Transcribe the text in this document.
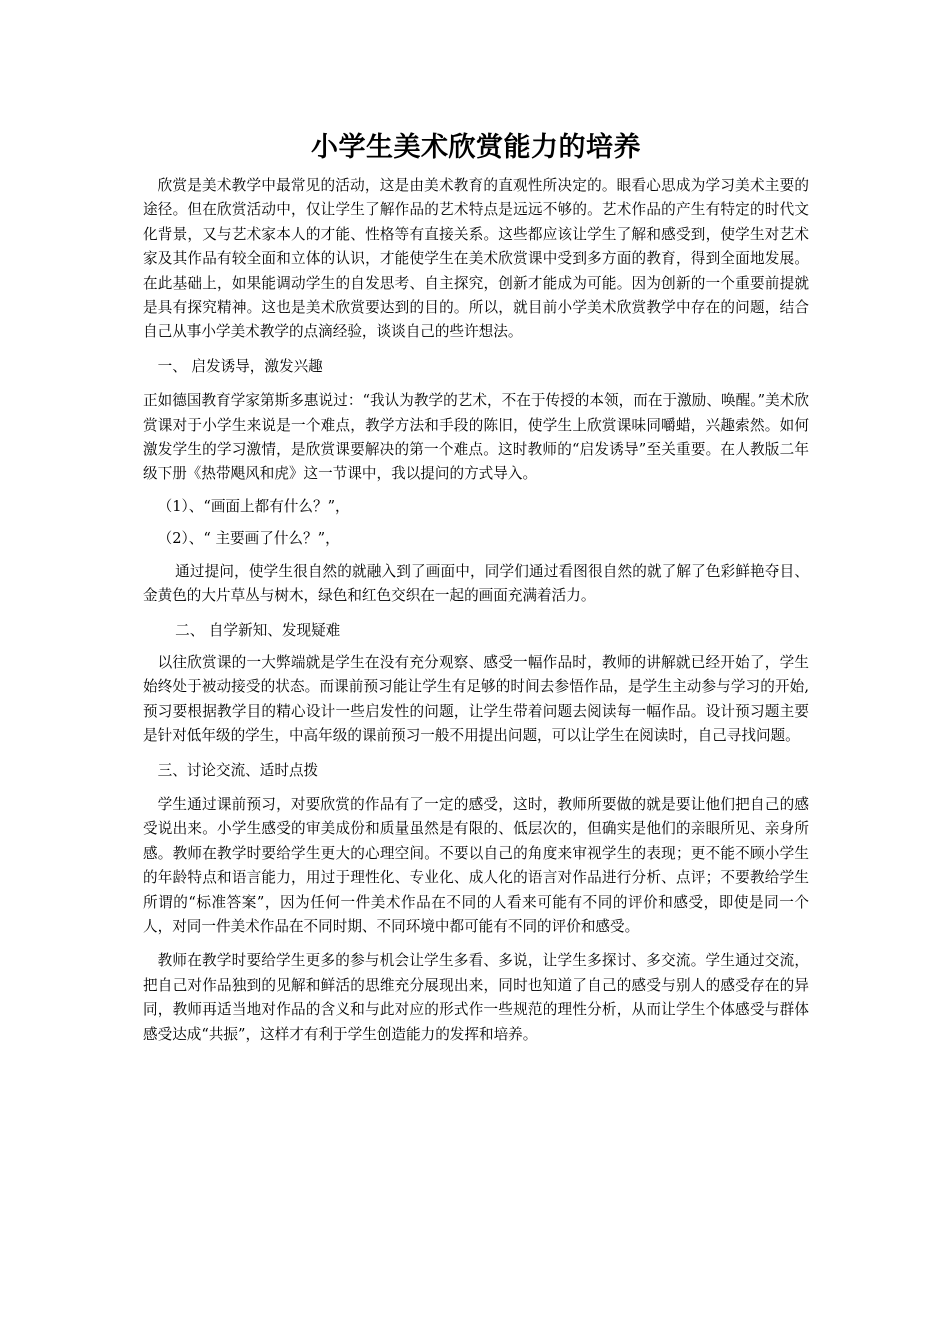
小学生美术欣赏能力的培养

欣赏是美术教学中最常见的活动，这是由美术教育的直观性所决定的。眼看心思成为学习美术主要的途径。但在欣赏活动中，仅让学生了解作品的艺术特点是远远不够的。艺术作品的产生有特定的时代文化背景，又与艺术家本人的才能、性格等有直接关系。这些都应该让学生了解和感受到，使学生对艺术家及其作品有较全面和立体的认识，才能使学生在美术欣赏课中受到多方面的教育，得到全面地发展。在此基础上，如果能调动学生的自发思考、自主探究，创新才能成为可能。因为创新的一个重要前提就是具有探究精神。这也是美术欣赏要达到的目的。所以，就目前小学美术欣赏教学中存在的问题，结合自己从事小学美术教学的点滴经验，谈谈自己的些许想法。

一、 启发诱导，激发兴趣

正如德国教育学家第斯多惠说过：“我认为教学的艺术，不在于传授的本领，而在于激励、唤醒。”美术欣赏课对于小学生来说是一个难点，教学方法和手段的陈旧，使学生上欣赏课味同嚼蜡，兴趣索然。如何激发学生的学习激情，是欣赏课要解决的第一个难点。这时教师的“启发诱导”至关重要。在人教版二年级下册《热带飓风和虎》这一节课中，我以提问的方式导入。

（1）、“画面上都有什么？”，

（2）、“ 主要画了什么？”，

通过提问，使学生很自然的就融入到了画面中，同学们通过看图很自然的就了解了色彩鲜艳夺目、金黄色的大片草丛与树木，绿色和红色交织在一起的画面充满着活力。

二、 自学新知、发现疑难

以往欣赏课的一大弊端就是学生在没有充分观察、感受一幅作品时，教师的讲解就已经开始了，学生始终处于被动接受的状态。而课前预习能让学生有足够的时间去参悟作品，是学生主动参与学习的开始,预习要根据教学目的精心设计一些启发性的问题，让学生带着问题去阅读每一幅作品。设计预习题主要是针对低年级的学生，中高年级的课前预习一般不用提出问题，可以让学生在阅读时，自己寻找问题。

三、讨论交流、适时点拨

学生通过课前预习，对要欣赏的作品有了一定的感受，这时，教师所要做的就是要让他们把自己的感受说出来。小学生感受的审美成份和质量虽然是有限的、低层次的，但确实是他们的亲眼所见、亲身所感。教师在教学时要给学生更大的心理空间。不要以自己的角度来审视学生的表现；更不能不顾小学生的年龄特点和语言能力，用过于理性化、专业化、成人化的语言对作品进行分析、点评；不要教给学生所谓的“标准答案”，因为任何一件美术作品在不同的人看来可能有不同的评价和感受，即使是同一个人，对同一件美术作品在不同时期、不同环境中都可能有不同的评价和感受。

教师在教学时要给学生更多的参与机会让学生多看、多说，让学生多探讨、多交流。学生通过交流，把自己对作品独到的见解和鲜活的思维充分展现出来，同时也知道了自己的感受与别人的感受存在的异同，教师再适当地对作品的含义和与此对应的形式作一些规范的理性分析，从而让学生个体感受与群体感受达成“共振”，这样才有利于学生创造能力的发挥和培养。
